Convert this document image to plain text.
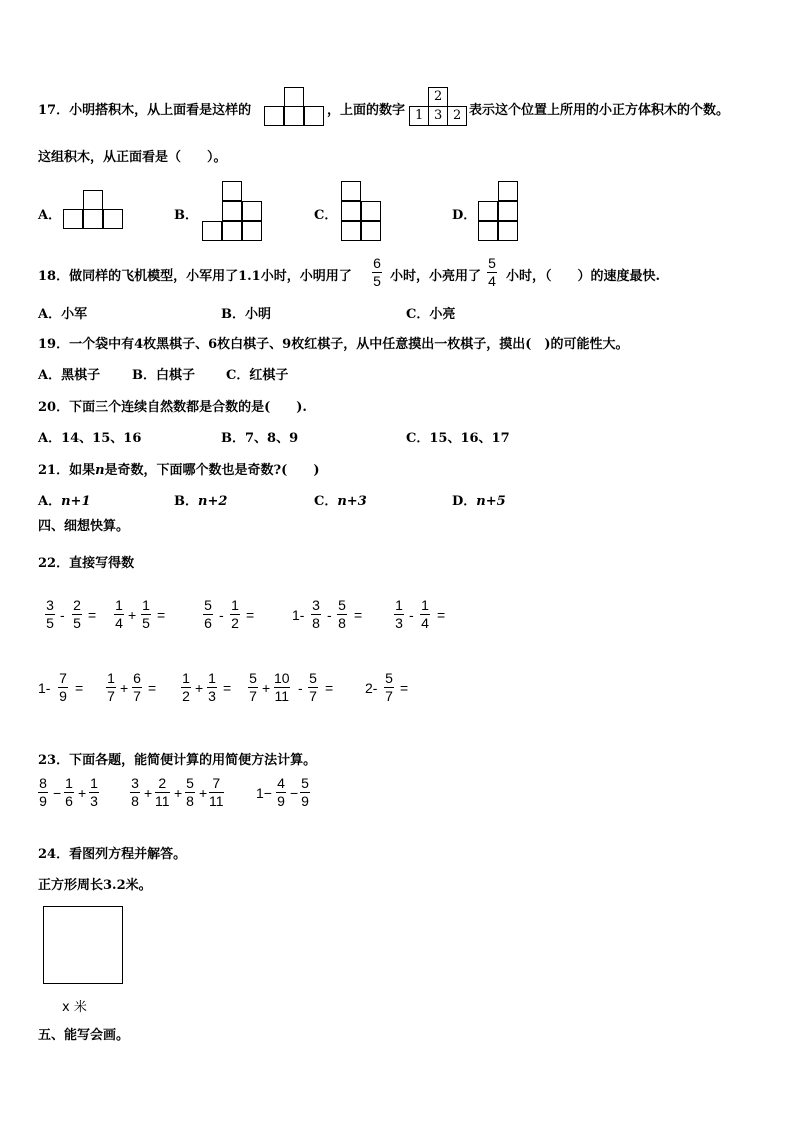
17．小明搭积木，从上面看是这样的	，上面的数字
2
1 3 2 表示这个位置上所用的小正方体积木的个数。
这组积木，从正面看是（　　）。
A．	B．	C．	D．
18．做同样的飞机模型，小军用了1.1小时，小明用了
6
5 小时，小亮用了
5
4 小时，（　　）的速度最快.
A．小军	B．小明	C．小亮
19．一个袋中有4枚黑棋子、6枚白棋子、9枚红棋子，从中任意摸出一枚棋子，摸出(　)的可能性大。
A．黑棋子 B．白棋子 C．红棋子
20．下面三个连续自然数都是合数的是(　　).
A．14、15、16	B．7、8、9	C．15、16、17
21．如果n是奇数，下面哪个数也是奇数?(　　)
A．n+1	B．n+2	C．n+3	D．n+5
四、细想快算。
22．直接写得数
3
5 -
2
5 =
1
4 +
1
5 =
5
6 -
1
2 =	1-
3
8 -
5
8 =
1
3 -
1
4 =
1-
7
9 =
1
7 +
6
7 =
1
2 +
1
3 =
5
7 +
10
11 -
5
7 = 2-
5
7 =
23．下面各题，能简便计算的用简便方法计算。
8
9 −
1
6 +
1
3
3
8 +
2
11 +
5
8 +
7
11 1−
4
9 −
5
9
24．看图列方程并解答。
正方形周长3.2米。
x 米
五、能写会画。
